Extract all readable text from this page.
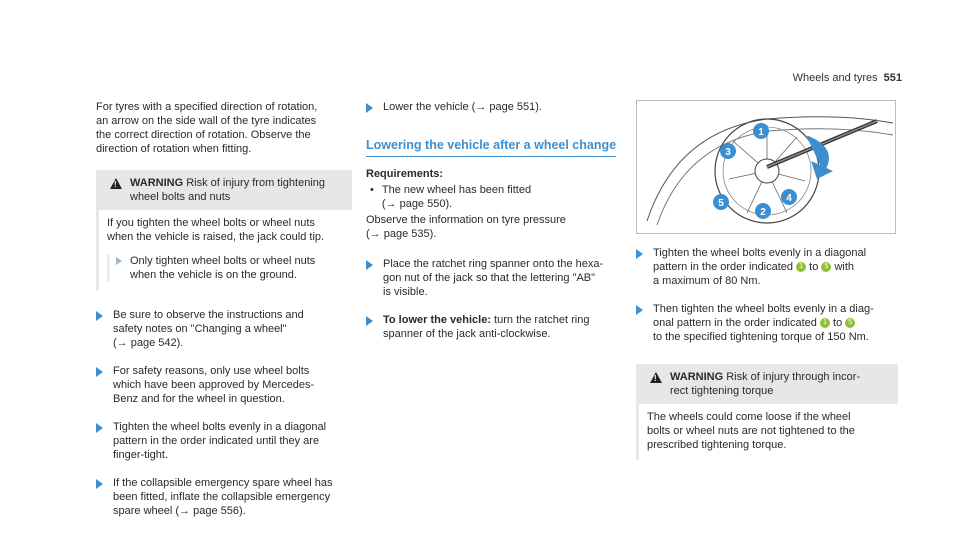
Wheels and tyres 551

For tyres with a specified direction of rotation,
an arrow on the side wall of the tyre indicates
the correct direction of rotation. Observe the
direction of rotation when fitting.

! WARNING Risk of injury from tightening
wheel bolts and nuts

If you tighten the wheel bolts or wheel nuts
when the vehicle is raised, the jack could tip.

Only tighten wheel bolts or wheel nuts
when the vehicle is on the ground.

Be sure to observe the instructions and
safety notes on "Changing a wheel"
(→ page 542).

For safety reasons, only use wheel bolts
which have been approved by Mercedes-
Benz and for the wheel in question.

Tighten the wheel bolts evenly in a diagonal
pattern in the order indicated until they are
finger-tight.

If the collapsible emergency spare wheel has
been fitted, inflate the collapsible emergency
spare wheel (→ page 556).

Lower the vehicle (→ page 551).

Lowering the vehicle after a wheel change

Requirements:

• The new wheel has been fitted
(→ page 550).

Observe the information on tyre pressure
(→ page 535).

Place the ratchet ring spanner onto the hexa-
gon nut of the jack so that the lettering "AB"
is visible.

To lower the vehicle: turn the ratchet ring
spanner of the jack anti-clockwise.

1
2
3
4
5

Tighten the wheel bolts evenly in a diagonal
pattern in the order indicated 1 to 5 with
a maximum of 80 Nm.

Then tighten the wheel bolts evenly in a diag-
onal pattern in the order indicated 1 to 5
to the specified tightening torque of 150 Nm.

! WARNING Risk of injury through incor-
rect tightening torque

The wheels could come loose if the wheel
bolts or wheel nuts are not tightened to the
prescribed tightening torque.
